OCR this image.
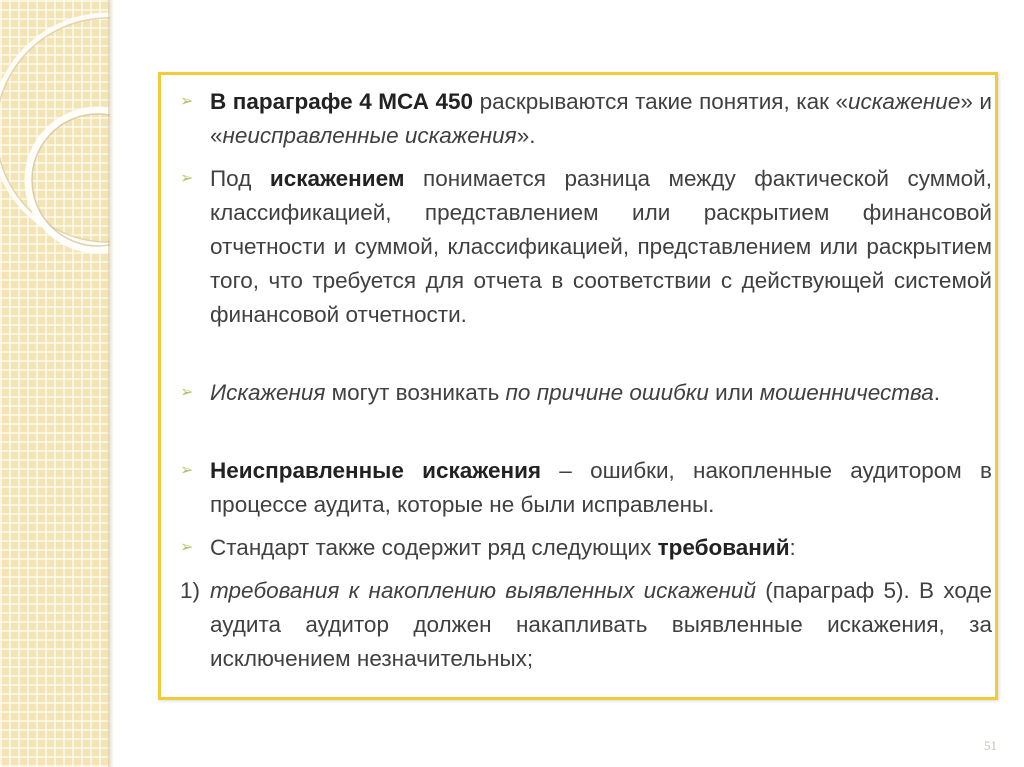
➢ В параграфе 4 МСА 450 раскрываются такие понятия, как «искажение» и «неисправленные искажения».
➢ Под искажением понимается разница между фактической суммой, классификацией, представлением или раскрытием финансовой отчетности и суммой, классификацией, представлением или раскрытием того, что требуется для отчета в соответствии с действующей системой финансовой отчетности.
➢ Искажения могут возникать по причине ошибки или мошенничества.
➢ Неисправленные искажения – ошибки, накопленные аудитором в процессе аудита, которые не были исправлены.
➢ Стандарт также содержит ряд следующих требований:
1) требования к накоплению выявленных искажений (параграф 5). В ходе аудита аудитор должен накапливать выявленные искажения, за исключением незначительных;
51
